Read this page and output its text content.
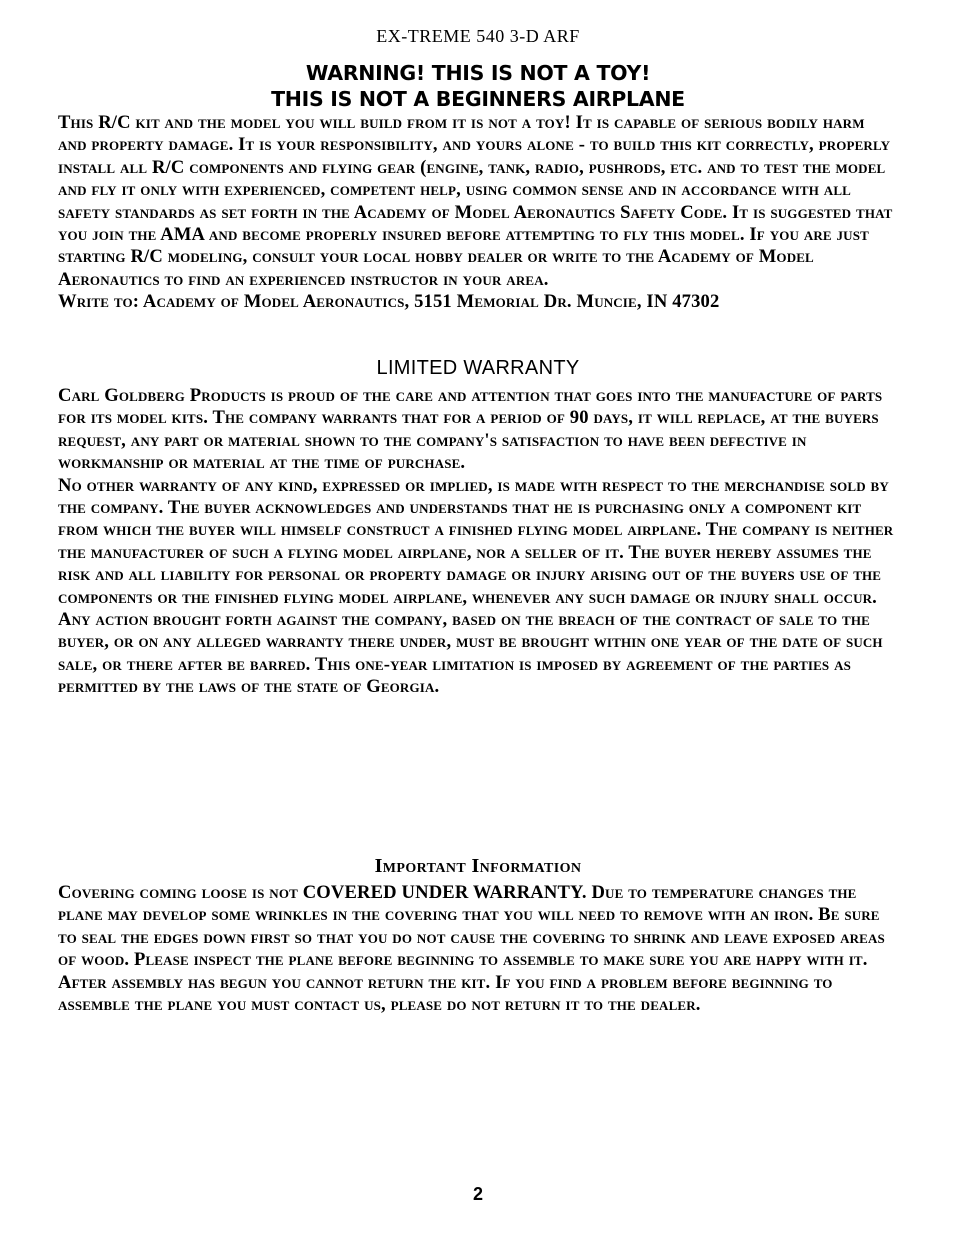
EX-TREME 540 3-D ARF
WARNING! THIS IS NOT A TOY!
THIS IS NOT A BEGINNERS AIRPLANE

This R/C kit and the model you will build from it is not a toy! It is capable of serious bodily harm and property damage. It is your responsibility, and yours alone - to build this kit correctly, properly install all R/C components and flying gear (engine, tank, radio, pushrods, etc. and to test the model and fly it only with experienced, competent help, using common sense and in accordance with all safety standards as set forth in the Academy of Model Aeronautics Safety Code. It is suggested that you join the AMA and become properly insured before attempting to fly this model. If you are just starting R/C modeling, consult your local hobby dealer or write to the Academy of Model Aeronautics to find an experienced instructor in your area.

Write to: Academy of Model Aeronautics, 5151 Memorial Dr. Muncie, IN 47302

LIMITED WARRANTY

Carl Goldberg Products is proud of the care and attention that goes into the manufacture of parts for its model kits. The company warrants that for a period of 90 days, it will replace, at the buyers request, any part or material shown to the company's satisfaction to have been defective in workmanship or material at the time of purchase.

No other warranty of any kind, expressed or implied, is made with respect to the merchandise sold by the company. The buyer acknowledges and understands that he is purchasing only a component kit from which the buyer will himself construct a finished flying model airplane. The company is neither the manufacturer of such a flying model airplane, nor a seller of it. The buyer hereby assumes the risk and all liability for personal or property damage or injury arising out of the buyers use of the components or the finished flying model airplane, whenever any such damage or injury shall occur.

Any action brought forth against the company, based on the breach of the contract of sale to the buyer, or on any alleged warranty there under, must be brought within one year of the date of such sale, or there after be barred. This one-year limitation is imposed by agreement of the parties as permitted by the laws of the state of Georgia.

Important Information

Covering coming loose is not COVERED UNDER WARRANTY. Due to temperature changes the plane may develop some wrinkles in the covering that you will need to remove with an iron. Be sure to seal the edges down first so that you do not cause the covering to shrink and leave exposed areas of wood. Please inspect the plane before beginning to assemble to make sure you are happy with it. After assembly has begun you cannot return the kit. If you find a problem before beginning to assemble the plane you must contact us, please do not return it to the dealer.

2
